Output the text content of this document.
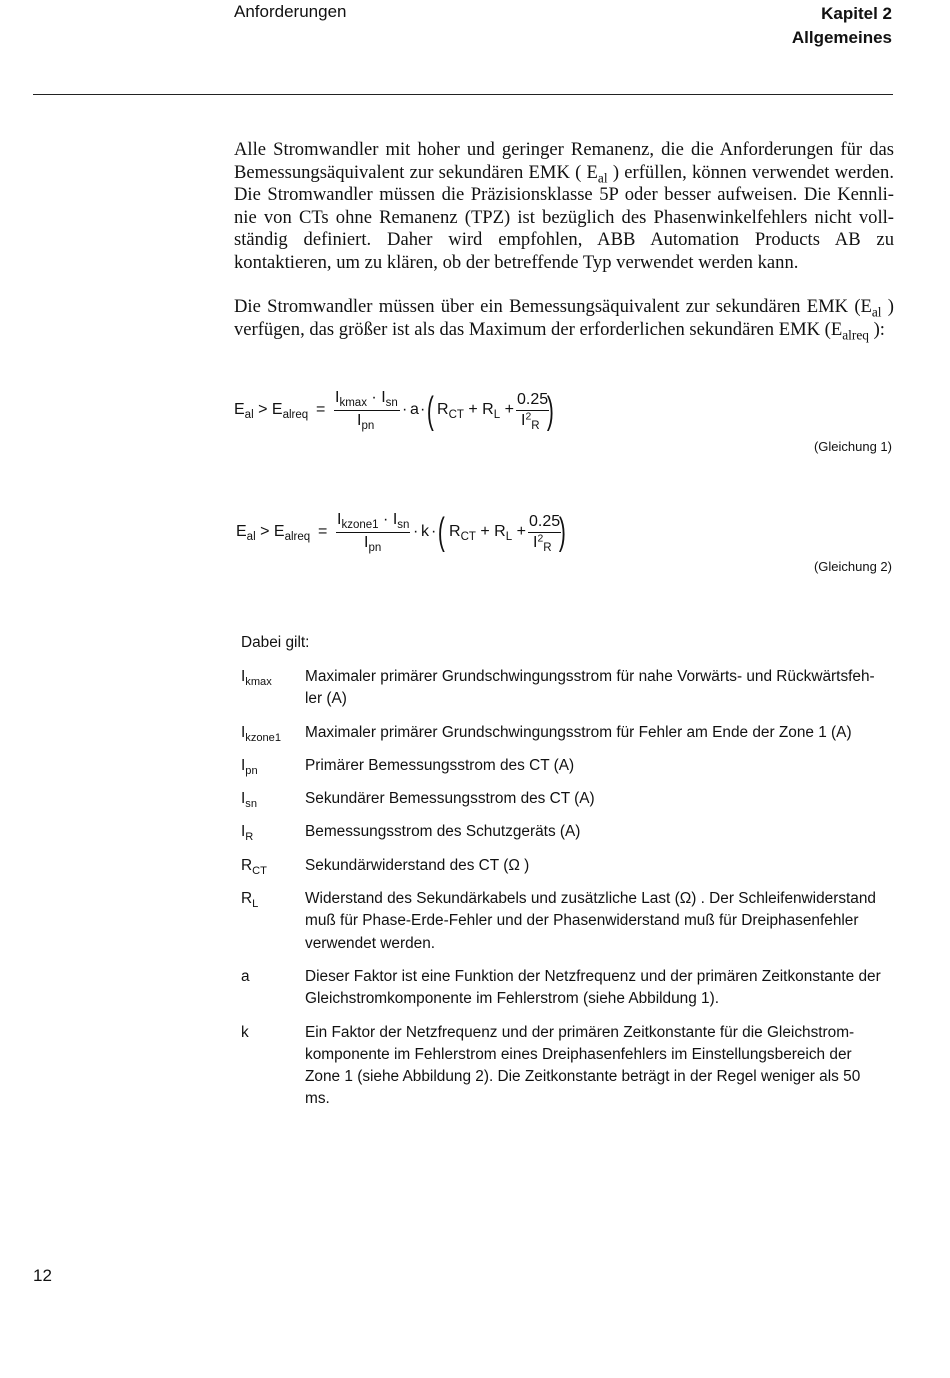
Anforderungen	Kapitel 2
Allgemeines
Alle Stromwandler mit hoher und geringer Remanenz, die die Anforderungen für das
Bemessungsäquivalent zur sekundären EMK ( $E_{al}$ ) erfüllen, können verwendet werden.
Die Stromwandler müssen die Präzisionsklasse 5P oder besser aufweisen. Die Kennli-
nie von CTs ohne Remanenz (TPZ) ist bezüglich des Phasenwinkelfehlers nicht voll-
ständig definiert. Daher wird empfohlen, ABB Automation Products AB zu
kontaktieren, um zu klären, ob der betreffende Typ verwendet werden kann.
Die Stromwandler müssen über ein Bemessungsäquivalent zur sekundären EMK ($E_{al}$ )
verfügen, das größer ist als das Maximum der erforderlichen sekundären EMK ($E_{alreq}$ ):
$E_{al} > E_{alreq}$ =
$I_{kmax} \cdot I_{sn}$
$I_{pn}$
· a · ( $R_{CT} + R_L$ +
0.25
$I^2_R$ )
(Gleichung 1)
$E_{al} > E_{alreq}$ =
$I_{kzone1} \cdot I_{sn}$
$I_{pn}$
· k · ( $R_{CT} + R_L$ +
0.25
$I^2_R$ )
(Gleichung 2)
Dabei gilt:
$I_{kmax}$	Maximaler primärer Grundschwingungsstrom für nahe Vorwärts- und Rückwärtsfeh-
ler (A)
$I_{kzone1}$	Maximaler primärer Grundschwingungsstrom für Fehler am Ende der Zone 1 (A)
$I_{pn}$	Primärer Bemessungsstrom des CT (A)
$I_{sn}$	Sekundärer Bemessungsstrom des CT (A)
$I_R$	Bemessungsstrom des Schutzgeräts (A)
$R_{CT}$	Sekundärwiderstand des CT (Ω )
$R_L$	Widerstand des Sekundärkabels und zusätzliche Last (Ω) . Der Schleifenwiderstand
muß für Phase-Erde-Fehler und der Phasenwiderstand muß für Dreiphasenfehler
verwendet werden.
a	Dieser Faktor ist eine Funktion der Netzfrequenz und der primären Zeitkonstante der
Gleichstromkomponente im Fehlerstrom (siehe Abbildung 1).
k	Ein Faktor der Netzfrequenz und der primären Zeitkonstante für die Gleichstrom-
komponente im Fehlerstrom eines Dreiphasenfehlers im Einstellungsbereich der
Zone 1 (siehe Abbildung 2). Die Zeitkonstante beträgt in der Regel weniger als 50
ms.
12
